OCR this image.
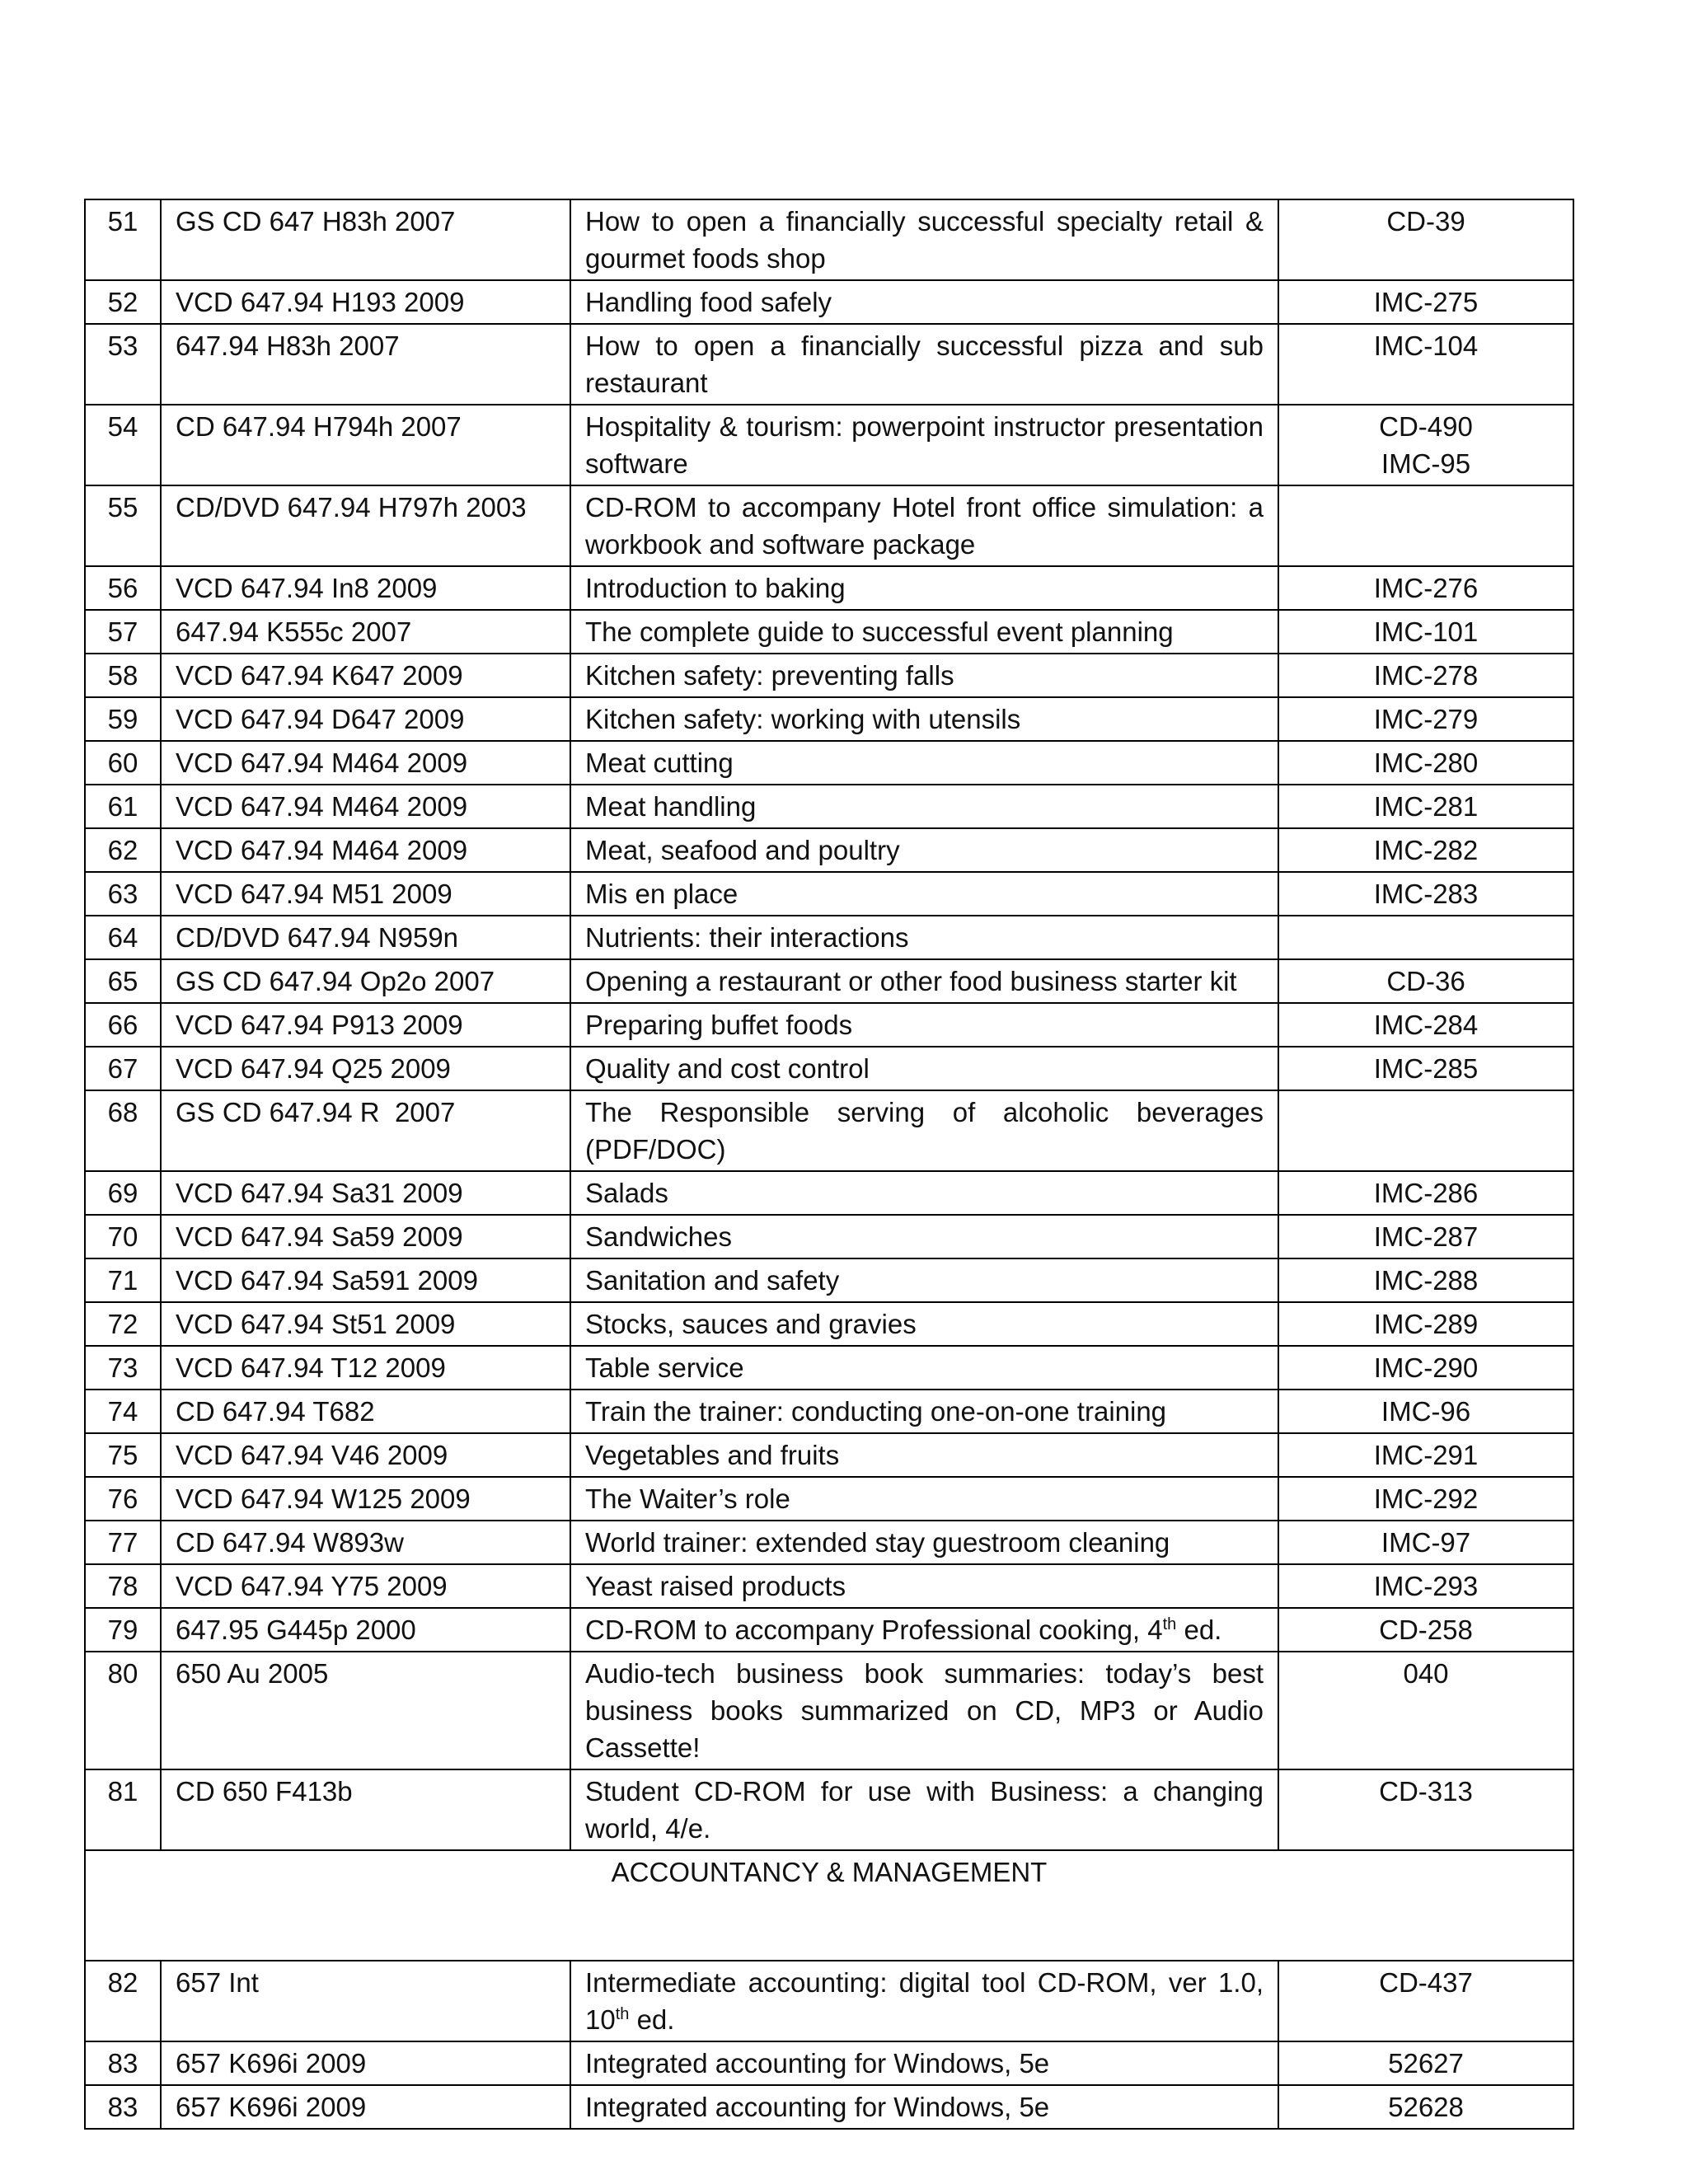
51	GS CD 647 H83h 2007	How to open a financially successful specialty retail & gourmet foods shop	CD-39

52	VCD 647.94 H193 2009	Handling food safely	IMC-275

53	647.94 H83h 2007	How to open a financially successful pizza and sub restaurant	IMC-104

54	CD 647.94 H794h 2007	Hospitality & tourism: powerpoint instructor presentation software	CD-490
IMC-95

55	CD/DVD 647.94 H797h 2003	CD-ROM to accompany Hotel front office simulation: a workbook and software package	
56	VCD 647.94 In8 2009	Introduction to baking	IMC-276

57	647.94 K555c 2007	The complete guide to successful event planning	IMC-101

58	VCD 647.94 K647 2009	Kitchen safety: preventing falls	IMC-278

59	VCD 647.94 D647 2009	Kitchen safety: working with utensils	IMC-279

60	VCD 647.94 M464 2009	Meat cutting	IMC-280

61	VCD 647.94 M464 2009	Meat handling	IMC-281

62	VCD 647.94 M464 2009	Meat, seafood and poultry	IMC-282

63	VCD 647.94 M51 2009	Mis en place	IMC-283

64	CD/DVD 647.94 N959n	Nutrients: their interactions	
65	GS CD 647.94 Op2o 2007	Opening a restaurant or other food business starter kit	CD-36

66	VCD 647.94 P913 2009	Preparing buffet foods	IMC-284

67	VCD 647.94 Q25 2009	Quality and cost control	IMC-285

68	GS CD 647.94 R  2007	The Responsible serving of alcoholic beverages (PDF/DOC)	
69	VCD 647.94 Sa31 2009	Salads	IMC-286

70	VCD 647.94 Sa59 2009	Sandwiches	IMC-287

71	VCD 647.94 Sa591 2009	Sanitation and safety	IMC-288

72	VCD 647.94 St51 2009	Stocks, sauces and gravies	IMC-289

73	VCD 647.94 T12 2009	Table service	IMC-290

74	CD 647.94 T682	Train the trainer: conducting one-on-one training	IMC-96

75	VCD 647.94 V46 2009	Vegetables and fruits	IMC-291

76	VCD 647.94 W125 2009	The Waiter’s role	IMC-292

77	CD 647.94 W893w	World trainer: extended stay guestroom cleaning	IMC-97

78	VCD 647.94 Y75 2009	Yeast raised products	IMC-293

79	647.95 G445p 2000	CD-ROM to accompany Professional cooking, 4th ed.	CD-258

80	650 Au 2005	Audio-tech business book summaries: today’s best business books summarized on CD, MP3 or Audio Cassette!	040

81	CD 650 F413b	Student CD-ROM for use with Business: a changing world, 4/e.	CD-313

ACCOUNTANCY & MANAGEMENT			
82	657 Int	Intermediate accounting: digital tool CD-ROM, ver 1.0, 10th ed.	CD-437

83	657 K696i 2009	Integrated accounting for Windows, 5e	52627

83	657 K696i 2009	Integrated accounting for Windows, 5e	52628
